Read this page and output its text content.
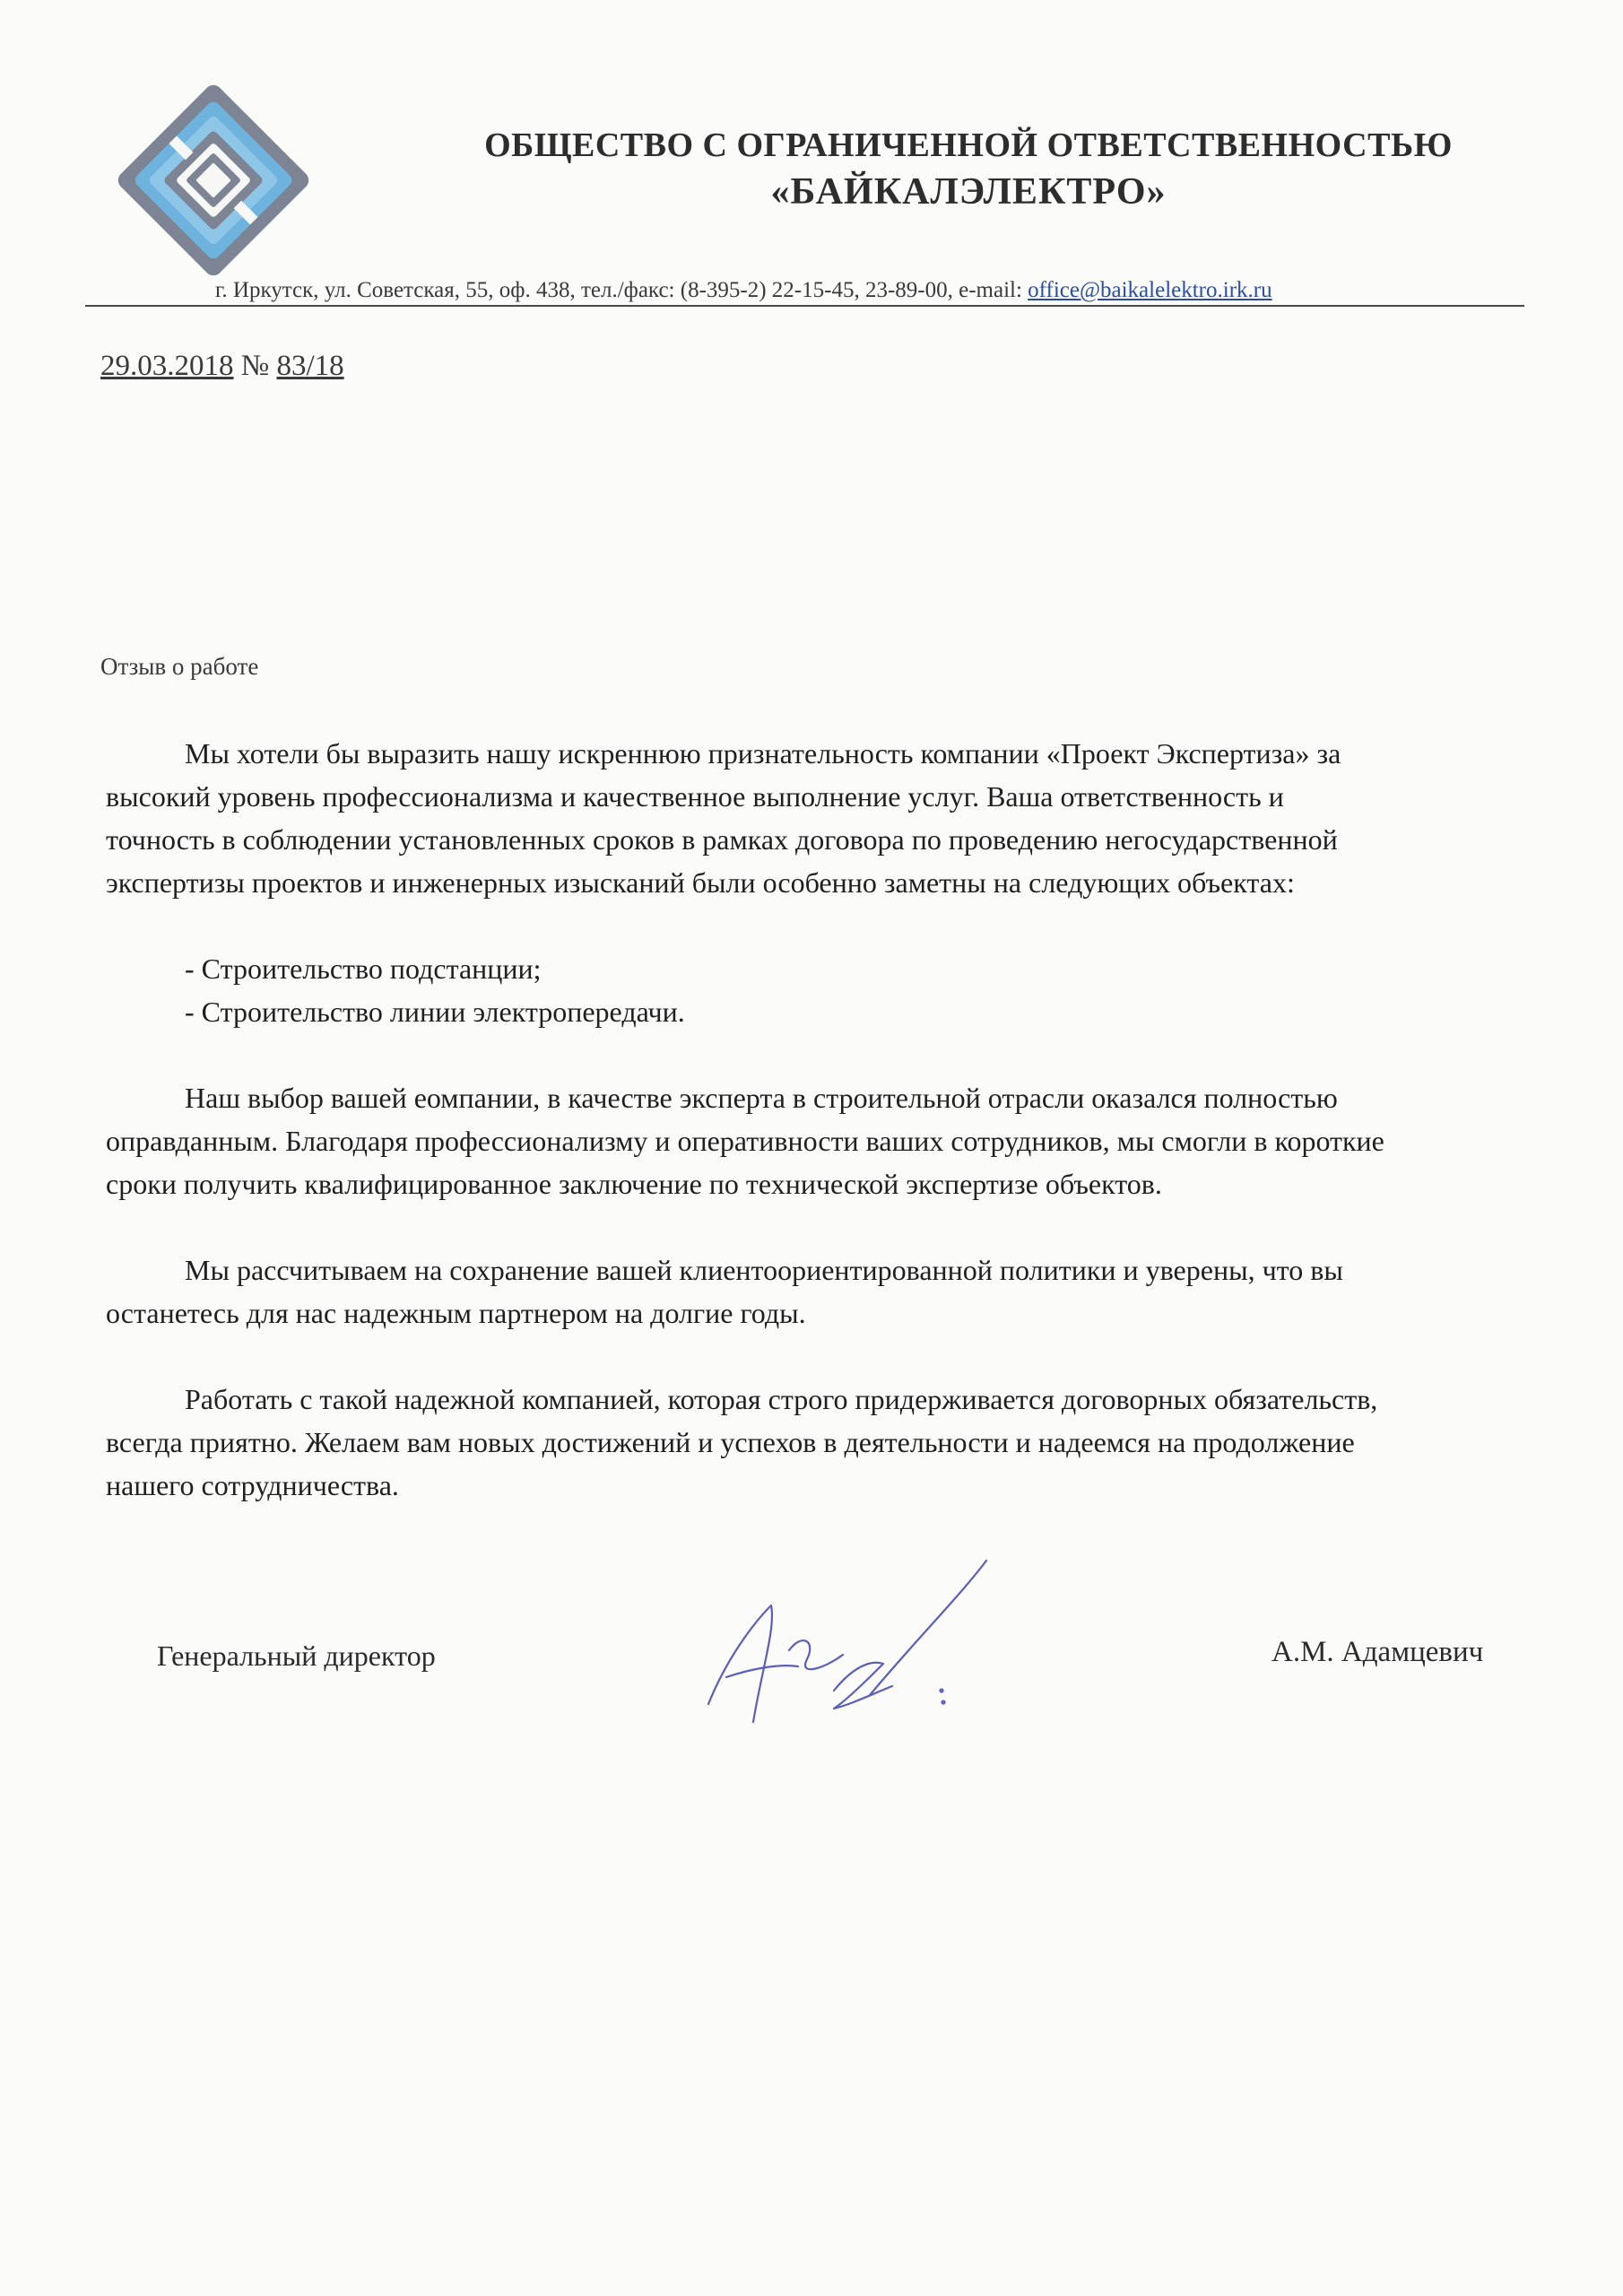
ОБЩЕСТВО С ОГРАНИЧЕННОЙ ОТВЕТСТВЕННОСТЬЮ
«БАЙКАЛЭЛЕКТРО»
г. Иркутск, ул. Советская, 55, оф. 438, тел./факс: (8-395-2) 22-15-45, 23-89-00, e-mail: office@baikalelektro.irk.ru
29.03.2018 № 83/18
Отзыв о работе
Мы хотели бы выразить нашу искреннюю признательность компании «Проект Экспертиза» за
высокий уровень профессионализма и качественное выполнение услуг. Ваша ответственность и
точность в соблюдении установленных сроков в рамках договора по проведению негосударственной
экспертизы проектов и инженерных изысканий были особенно заметны на следующих объектах:
- Строительство подстанции;
- Строительство линии электропередачи.
Наш выбор вашей еомпании, в качестве эксперта в строительной отрасли оказался полностью
оправданным. Благодаря профессионализму и оперативности ваших сотрудников, мы смогли в короткие
сроки получить квалифицированное заключение по технической экспертизе объектов.
Мы рассчитываем на сохранение вашей клиентоориентированной политики и уверены, что вы
останетесь для нас надежным партнером на долгие годы.
Работать с такой надежной компанией, которая строго придерживается договорных обязательств,
всегда приятно. Желаем вам новых достижений и успехов в деятельности и надеемся на продолжение
нашего сотрудничества.
Генеральный директор	А.М. Адамцевич
